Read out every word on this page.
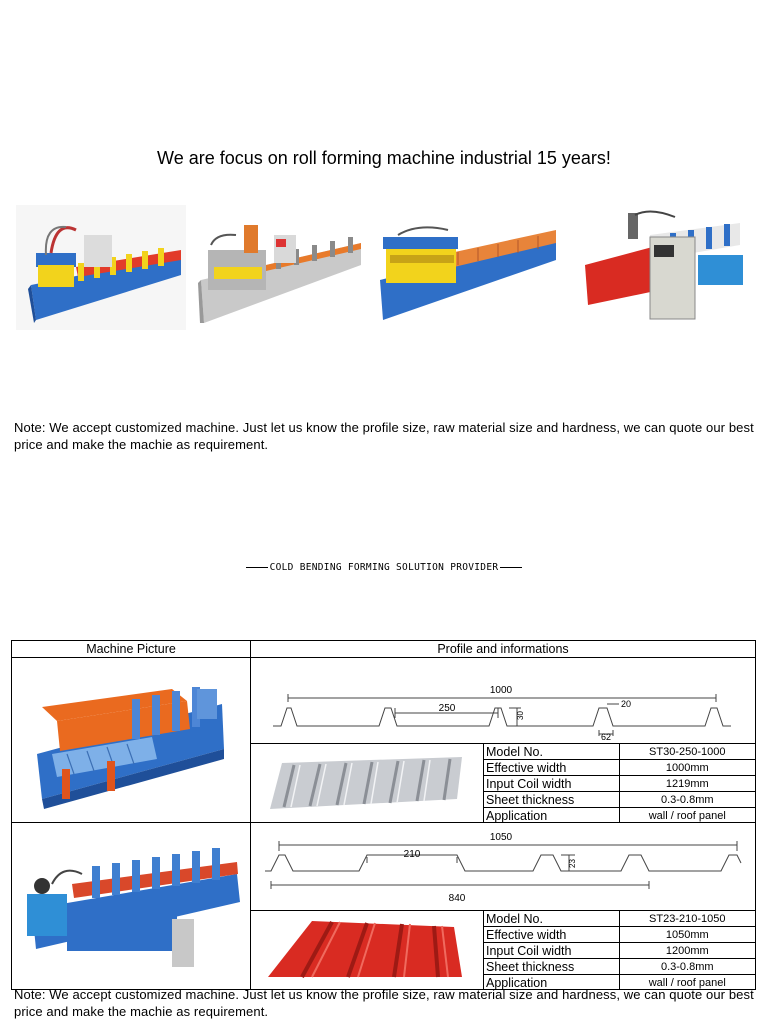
We are focus on roll forming machine industrial 15 years!
Note: We accept customized machine. Just let us know the profile size, raw material size and hardness, we can quote our best price and make the machie as requirement.
COLD BENDING FORMING SOLUTION PROVIDER
Machine Picture	Profile and informations

1000
250
30
20
62

Model No.	ST30-250-1000
Effective width	1000mm
Input Coil width	1219mm
Sheet thickness	0.3-0.8mm
Application	wall / roof panel

1050
210
23
840

Model No.	ST23-210-1050
Effective width	1050mm
Input Coil width	1200mm
Sheet thickness	0.3-0.8mm
Application	wall / roof panel
Note: We accept customized machine. Just let us know the profile size, raw material size and hardness, we can quote our best price and make the machie as requirement.
